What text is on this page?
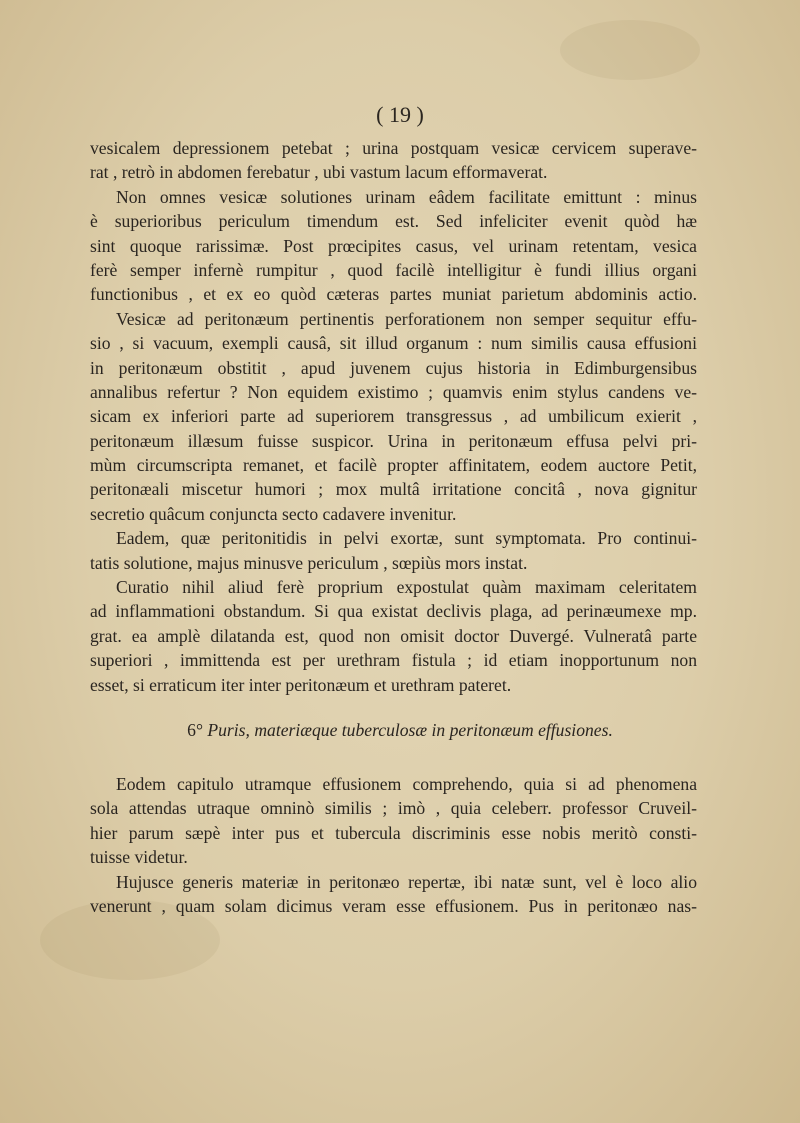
( 19 )
vesicalem depressionem petebat ; urina postquam vesicæ cervicem superave-
rat , retrò in abdomen ferebatur , ubi vastum lacum efformaverat.
Non omnes vesicæ solutiones urinam eâdem facilitate emittunt : minus
è superioribus periculum timendum est. Sed infeliciter evenit quòd hæ
sint quoque rarissimæ. Post prœcipites casus, vel urinam retentam, vesica
ferè semper infernè rumpitur , quod facilè intelligitur è fundi illius organi
functionibus , et ex eo quòd cæteras partes muniat parietum abdominis actio.
Vesicæ ad peritonæum pertinentis perforationem non semper sequitur effu-
sio , si vacuum, exempli causâ, sit illud organum : num similis causa effusioni
in peritonæum obstitit , apud juvenem cujus historia in Edimburgensibus
annalibus refertur ? Non equidem existimo ; quamvis enim stylus candens ve-
sicam ex inferiori parte ad superiorem transgressus , ad umbilicum exierit ,
peritonæum illæsum fuisse suspicor. Urina in peritonæum effusa pelvi pri-
mùm circumscripta remanet, et facilè propter affinitatem, eodem auctore Petit,
peritonæali miscetur humori ; mox multâ irritatione concitâ , nova gignitur
secretio quâcum conjuncta secto cadavere invenitur.
Eadem, quæ peritonitidis in pelvi exortæ, sunt symptomata. Pro continui-
tatis solutione, majus minusve periculum , sœpiùs mors instat.
Curatio nihil aliud ferè proprium expostulat quàm maximam celeritatem
ad inflammationi obstandum. Si qua existat declivis plaga, ad perinæumexe mp.
grat. ea amplè dilatanda est, quod non omisit doctor Duvergé. Vulneratâ parte
superiori , immittenda est per urethram fistula ; id etiam inopportunum non
esset, si erraticum iter inter peritonæum et urethram pateret.
6° Puris, materiæque tuberculosæ in peritonæum effusiones.
Eodem capitulo utramque effusionem comprehendo, quia si ad phenomena
sola attendas utraque omninò similis ; imò , quia celeberr. professor Cruveil-
hier parum sæpè inter pus et tubercula discriminis esse nobis meritò consti-
tuisse videtur.
Hujusce generis materiæ in peritonæo repertæ, ibi natæ sunt, vel è loco alio
venerunt , quam solam dicimus veram esse effusionem. Pus in peritonæo nas-
